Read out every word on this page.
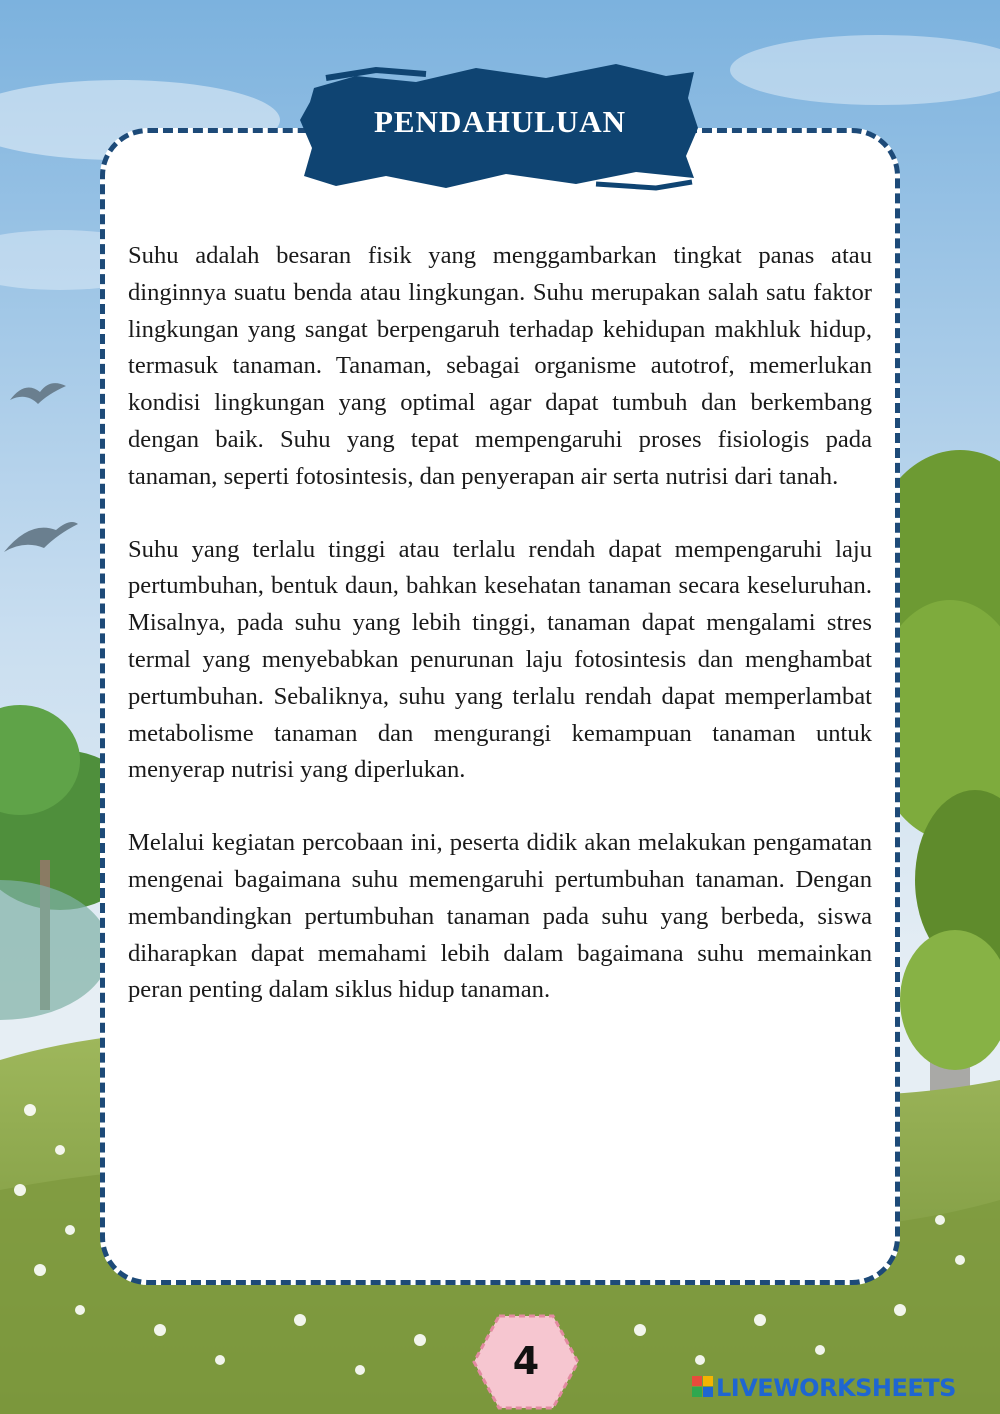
PENDAHULUAN

Suhu adalah besaran fisik yang menggambarkan tingkat panas atau dinginnya suatu benda atau lingkungan. Suhu merupakan salah satu faktor lingkungan yang sangat berpengaruh terhadap kehidupan makhluk hidup, termasuk tanaman. Tanaman, sebagai organisme autotrof, memerlukan kondisi lingkungan yang optimal agar dapat tumbuh dan berkembang dengan baik. Suhu yang tepat mempengaruhi proses fisiologis pada tanaman, seperti fotosintesis, dan penyerapan air serta nutrisi dari tanah.

Suhu yang terlalu tinggi atau terlalu rendah dapat mempengaruhi laju pertumbuhan, bentuk daun, bahkan kesehatan tanaman secara keseluruhan. Misalnya, pada suhu yang lebih tinggi, tanaman dapat mengalami stres termal yang menyebabkan penurunan laju fotosintesis dan menghambat pertumbuhan. Sebaliknya, suhu yang terlalu rendah dapat memperlambat metabolisme tanaman dan mengurangi kemampuan tanaman untuk menyerap nutrisi yang diperlukan.

Melalui kegiatan percobaan ini, peserta didik akan melakukan pengamatan mengenai bagaimana suhu memengaruhi pertumbuhan tanaman. Dengan membandingkan pertumbuhan tanaman pada suhu yang berbeda, siswa diharapkan dapat memahami lebih dalam bagaimana suhu memainkan peran penting dalam siklus hidup tanaman.

4
LIVEWORKSHEETS
